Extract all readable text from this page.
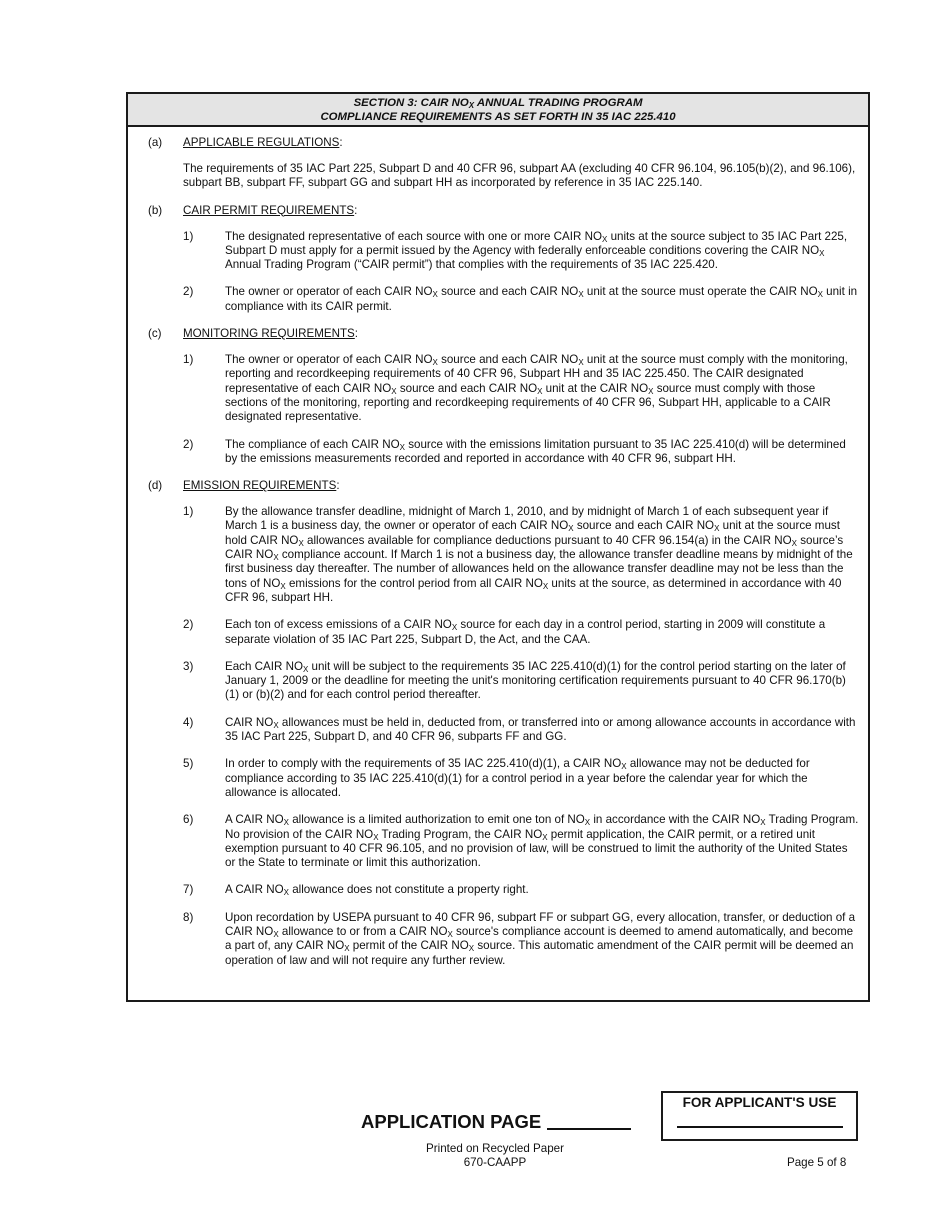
SECTION 3: CAIR $NO_X$ ANNUAL TRADING PROGRAM
COMPLIANCE REQUIREMENTS AS SET FORTH IN 35 IAC 225.410
(a)	APPLICABLE REGULATIONS:
The requirements of 35 IAC Part 225, Subpart D and 40 CFR 96, subpart AA (excluding 40 CFR 96.104, 96.105(b)(2), and 96.106), subpart BB, subpart FF, subpart GG and subpart HH as incorporated by reference in 35 IAC 225.140.
(b)	CAIR PERMIT REQUIREMENTS:
1)	The designated representative of each source with one or more CAIR $NO_X$ units at the source subject to 35 IAC Part 225, Subpart D must apply for a permit issued by the Agency with federally enforceable conditions covering the CAIR $NO_X$ Annual Trading Program (“CAIR permit”) that complies with the requirements of 35 IAC 225.420.
2)	The owner or operator of each CAIR $NO_X$ source and each CAIR $NO_X$ unit at the source must operate the CAIR $NO_X$ unit in compliance with its CAIR permit.
(c)	MONITORING REQUIREMENTS:
1)	The owner or operator of each CAIR $NO_X$ source and each CAIR $NO_X$ unit at the source must comply with the monitoring, reporting and recordkeeping requirements of 40 CFR 96, Subpart HH and 35 IAC 225.450. The CAIR designated representative of each CAIR $NO_X$ source and each CAIR $NO_X$ unit at the CAIR $NO_X$ source must comply with those sections of the monitoring, reporting and recordkeeping requirements of 40 CFR 96, Subpart HH, applicable to a CAIR designated representative.
2)	The compliance of each CAIR $NO_X$ source with the emissions limitation pursuant to 35 IAC 225.410(d) will be determined by the emissions measurements recorded and reported in accordance with 40 CFR 96, subpart HH.
(d)	EMISSION REQUIREMENTS:
1)	By the allowance transfer deadline, midnight of March 1, 2010, and by midnight of March 1 of each subsequent year if March 1 is a business day, the owner or operator of each CAIR $NO_X$ source and each CAIR $NO_X$ unit at the source must hold CAIR $NO_X$ allowances available for compliance deductions pursuant to 40 CFR 96.154(a) in the CAIR $NO_X$ source’s CAIR $NO_X$ compliance account. If March 1 is not a business day, the allowance transfer deadline means by midnight of the first business day thereafter. The number of allowances held on the allowance transfer deadline may not be less than the tons of $NO_X$ emissions for the control period from all CAIR $NO_X$ units at the source, as determined in accordance with 40 CFR 96, subpart HH.
2)	Each ton of excess emissions of a CAIR $NO_X$ source for each day in a control period, starting in 2009 will constitute a separate violation of 35 IAC Part 225, Subpart D, the Act, and the CAA.
3)	Each CAIR $NO_X$ unit will be subject to the requirements 35 IAC 225.410(d)(1) for the control period starting on the later of January 1, 2009 or the deadline for meeting the unit's monitoring certification requirements pursuant to 40 CFR 96.170(b)(1) or (b)(2) and for each control period thereafter.
4)	CAIR $NO_X$ allowances must be held in, deducted from, or transferred into or among allowance accounts in accordance with 35 IAC Part 225, Subpart D, and 40 CFR 96, subparts FF and GG.
5)	In order to comply with the requirements of 35 IAC 225.410(d)(1), a CAIR $NO_X$ allowance may not be deducted for compliance according to 35 IAC 225.410(d)(1) for a control period in a year before the calendar year for which the allowance is allocated.
6)	A CAIR $NO_X$ allowance is a limited authorization to emit one ton of $NO_X$ in accordance with the CAIR $NO_X$ Trading Program. No provision of the CAIR $NO_X$ Trading Program, the CAIR $NO_X$ permit application, the CAIR permit, or a retired unit exemption pursuant to 40 CFR 96.105, and no provision of law, will be construed to limit the authority of the United States or the State to terminate or limit this authorization.
7)	A CAIR $NO_X$ allowance does not constitute a property right.
8)	Upon recordation by USEPA pursuant to 40 CFR 96, subpart FF or subpart GG, every allocation, transfer, or deduction of a CAIR $NO_X$ allowance to or from a CAIR $NO_X$ source's compliance account is deemed to amend automatically, and become a part of, any CAIR $NO_X$ permit of the CAIR $NO_X$ source. This automatic amendment of the CAIR permit will be deemed an operation of law and will not require any further review.
APPLICATION PAGE
FOR APPLICANT'S USE
Printed on Recycled Paper
670-CAAPP	Page 5 of 8
